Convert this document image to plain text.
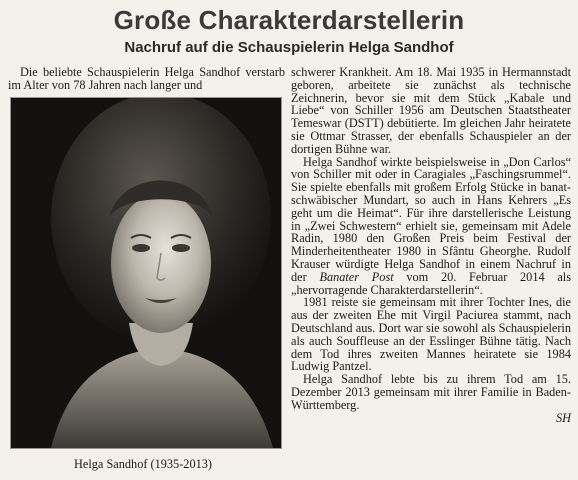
Große Charakterdarstellerin
Nachruf auf die Schauspielerin Helga Sandhof

Die beliebte Schauspielerin Helga Sandhof verstarb im Alter von 78 Jahren nach langer und

Helga Sandhof (1935-2013)

schwerer Krankheit. Am 18. Mai 1935 in Hermannstadt geboren, arbeitete sie zunächst als technische Zeichnerin, bevor sie mit dem Stück „Kabale und Liebe“ von Schiller 1956 am Deutschen Staatstheater Temeswar (DSTT) debütierte. Im gleichen Jahr heiratete sie Ottmar Strasser, der ebenfalls Schauspieler an der dortigen Bühne war.

Helga Sandhof wirkte beispielsweise in „Don Carlos“ von Schiller mit oder in Caragiales „Faschingsrummel“. Sie spielte ebenfalls mit großem Erfolg Stücke in banat-schwäbischer Mundart, so auch in Hans Kehrers „Es geht um die Heimat“. Für ihre darstellerische Leistung in „Zwei Schwestern“ erhielt sie, gemeinsam mit Adele Radin, 1980 den Großen Preis beim Festival der Minderheitentheater 1980 in Sfântu Gheorghe. Rudolf Krauser würdigte Helga Sandhof in einem Nachruf in der Banater Post vom 20. Februar 2014 als „hervorragende Charakterdarstellerin“.

1981 reiste sie gemeinsam mit ihrer Tochter Ines, die aus der zweiten Ehe mit Virgil Paciurea stammt, nach Deutschland aus. Dort war sie sowohl als Schauspielerin als auch Souffleuse an der Esslinger Bühne tätig. Nach dem Tod ihres zweiten Mannes heiratete sie 1984 Ludwig Pantzel.

Helga Sandhof lebte bis zu ihrem Tod am 15. Dezember 2013 gemeinsam mit ihrer Familie in Baden-Württemberg.

SH
